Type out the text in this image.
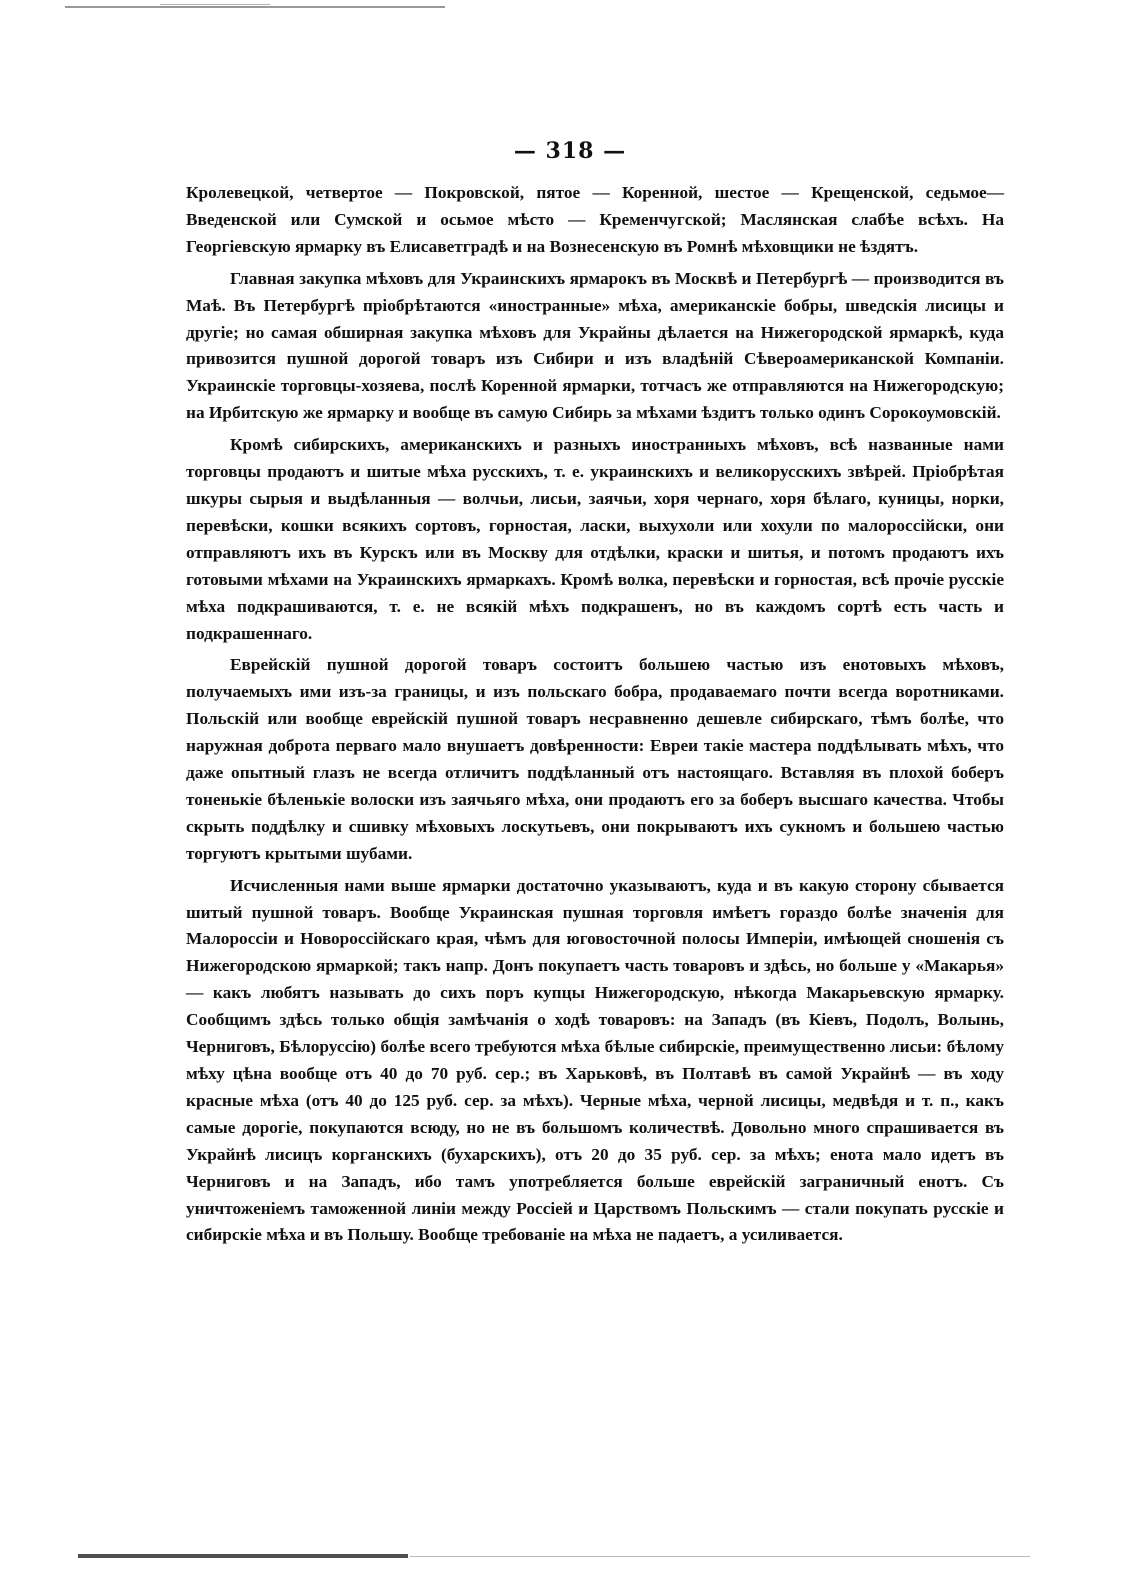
— 318 —

Кролевецкой, четвертое — Покровской, пятое — Коренной, шестое — Крещенской, седьмое— Введенской или Сумской и осьмое мѣсто — Кременчугской; Маслянская слабѣе всѣхъ. На Георгіевскую ярмарку въ Елисаветградѣ и на Вознесенскую въ Ромнѣ мѣховщики не ѣздятъ.

Главная закупка мѣховъ для Украинскихъ ярмарокъ въ Москвѣ и Петербургѣ — производится въ Маѣ. Въ Петербургѣ пріобрѣтаются «иностранные» мѣха, американскіе бобры, шведскія лисицы и другіе; но самая обширная закупка мѣховъ для Украйны дѣлается на Нижегородской ярмаркѣ, куда привозится пушной дорогой товаръ изъ Сибири и изъ владѣній Сѣвероамериканской Компаніи. Украинскіе торговцы-хозяева, послѣ Коренной ярмарки, тотчасъ же отправляются на Нижегородскую; на Ирбитскую же ярмарку и вообще въ самую Сибирь за мѣхами ѣздитъ только одинъ Сорокоумовскій.

Кромѣ сибирскихъ, американскихъ и разныхъ иностранныхъ мѣховъ, всѣ названные нами торговцы продаютъ и шитые мѣха русскихъ, т. е. украинскихъ и великорусскихъ звѣрей. Пріобрѣтая шкуры сырыя и выдѣланныя — волчьи, лисьи, заячьи, хоря чернаго, хоря бѣлаго, куницы, норки, перевѣски, кошки всякихъ сортовъ, горностая, ласки, выхухоли или хохули по малороссійски, они отправляютъ ихъ въ Курскъ или въ Москву для отдѣлки, краски и шитья, и потомъ продаютъ ихъ готовыми мѣхами на Украинскихъ ярмаркахъ. Кромѣ волка, перевѣски и горностая, всѣ прочіе русскіе мѣха подкрашиваются, т. е. не всякій мѣхъ подкрашенъ, но въ каждомъ сортѣ есть часть и подкрашеннаго.

Еврейскій пушной дорогой товаръ состоитъ большею частью изъ енотовыхъ мѣховъ, получаемыхъ ими изъ-за границы, и изъ польскаго бобра, продаваемаго почти всегда воротниками. Польскій или вообще еврейскій пушной товаръ несравненно дешевле сибирскаго, тѣмъ болѣе, что наружная доброта перваго мало внушаетъ довѣренности: Евреи такіе мастера поддѣлывать мѣхъ, что даже опытный глазъ не всегда отличитъ поддѣланный отъ настоящаго. Вставляя въ плохой боберъ тоненькіе бѣленькіе волоски изъ заячьяго мѣха, они продаютъ его за боберъ высшаго качества. Чтобы скрыть поддѣлку и сшивку мѣховыхъ лоскутьевъ, они покрываютъ ихъ сукномъ и большею частью торгуютъ крытыми шубами.

Исчисленныя нами выше ярмарки достаточно указываютъ, куда и въ какую сторону сбывается шитый пушной товаръ. Вообще Украинская пушная торговля имѣетъ гораздо болѣе значенія для Малороссіи и Новороссійскаго края, чѣмъ для юговосточной полосы Имперіи, имѣющей сношенія съ Нижегородскою ярмаркой; такъ напр. Донъ покупаетъ часть товаровъ и здѣсь, но больше у «Макарья» — какъ любятъ называть до сихъ поръ купцы Нижегородскую, нѣкогда Макарьевскую ярмарку. Сообщимъ здѣсь только общія замѣчанія о ходѣ товаровъ: на Западъ (въ Кіевъ, Подолъ, Волынь, Черниговъ, Бѣлоруссію) болѣе всего требуются мѣха бѣлые сибирскіе, преимущественно лисьи: бѣлому мѣху цѣна вообще отъ 40 до 70 руб. сер.; въ Харьковѣ, въ Полтавѣ въ самой Украйнѣ — въ ходу красные мѣха (отъ 40 до 125 руб. сер. за мѣхъ). Черные мѣха, черной лисицы, медвѣдя и т. п., какъ самые дорогіе, покупаются всюду, но не въ большомъ количествѣ. Довольно много спрашивается въ Украйнѣ лисицъ корганскихъ (бухарскихъ), отъ 20 до 35 руб. сер. за мѣхъ; енота мало идетъ въ Черниговъ и на Западъ, ибо тамъ употребляется больше еврейскій заграничный енотъ. Съ уничтоженіемъ таможенной линіи между Россіей и Царствомъ Польскимъ — стали покупать русскіе и сибирскіе мѣха и въ Польшу. Вообще требованіе на мѣха не падаетъ, а усиливается.
